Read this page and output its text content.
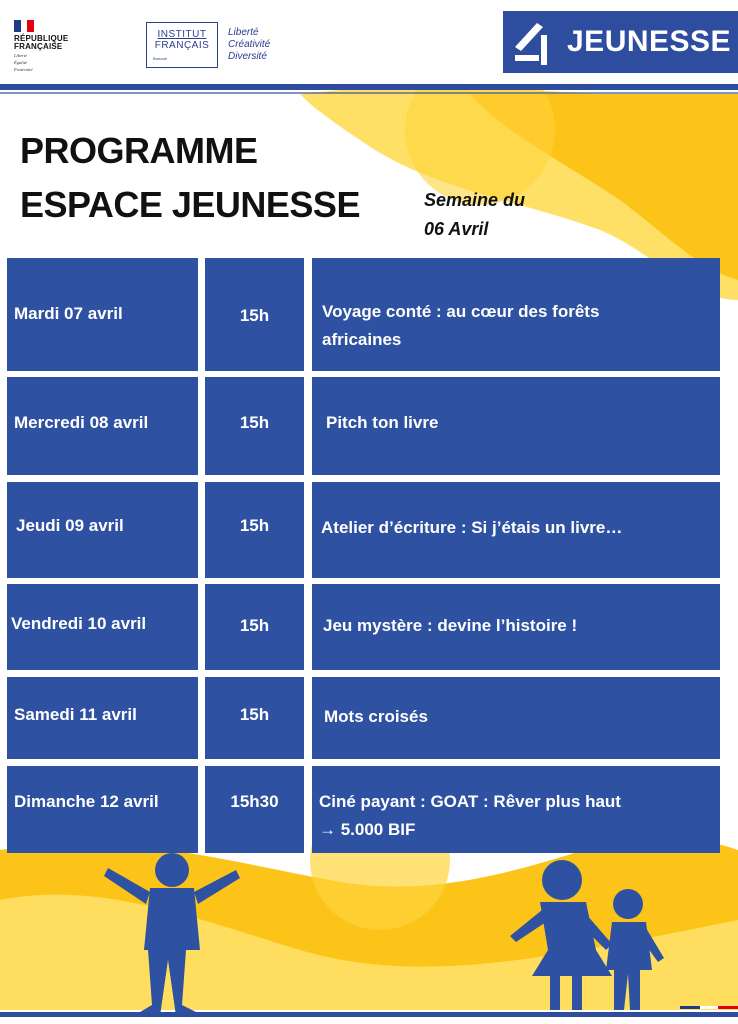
RÉPUBLIQUE
FRANÇAISE
Liberté
Égalité
Fraternité
INSTITUT
FRANÇAIS
Burundi
Liberté
Créativité
Diversité	JEUNESSE
PROGRAMME
ESPACE JEUNESSE	Semaine du
06 Avril
Mardi 07 avril	15h	Voyage conté : au cœur des forêts
africaines
Mercredi 08 avril	15h	Pitch ton livre
Jeudi 09 avril	15h	Atelier d’écriture : Si j’étais un livre…
Vendredi 10 avril	15h	Jeu mystère : devine l’histoire !
Samedi 11 avril	15h	Mots croisés
Dimanche 12 avril	15h30	Ciné payant : GOAT : Rêver plus haut
→ 5.000 BIF
